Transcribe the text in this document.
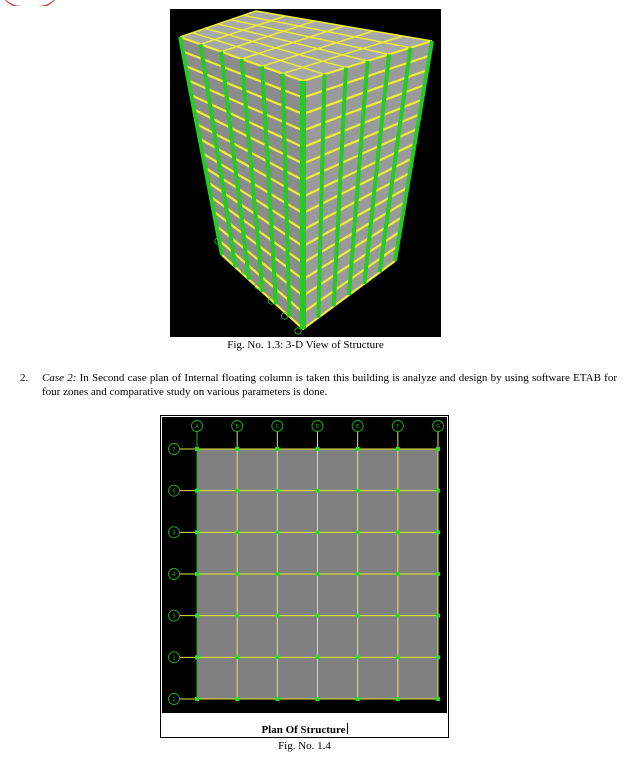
Fig. No. 1.3: 3-D View of Structure
2. Case 2: In Second case plan of Internal floating column is taken this building is analyze and design by using software ETAB for four zones and comparative study on various parameters is done.
A	B	C	D	E	F	G
7
6
5
4
3
2
1
Plan Of Structure
Fig. No. 1.4
